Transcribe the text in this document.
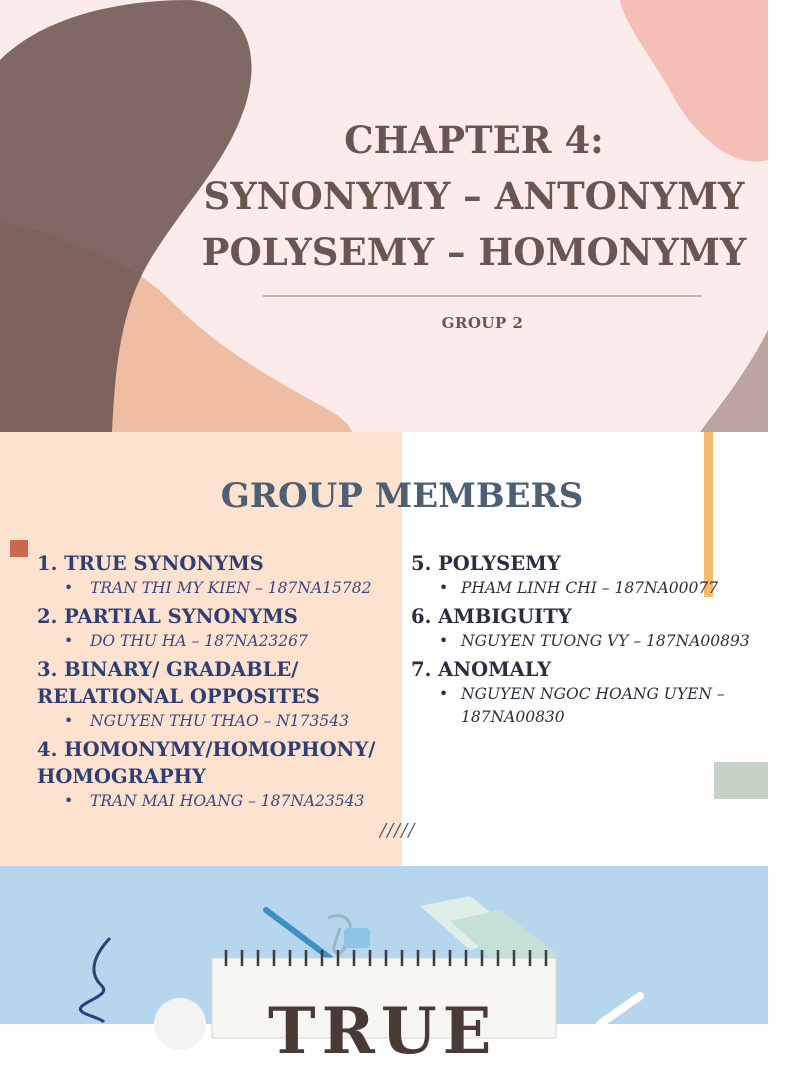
CHAPTER 4:
SYNONYMY – ANTONYMY
POLYSEMY – HOMONYMY
GROUP 2
GROUP MEMBERS
1. TRUE SYNONYMS
• TRAN THI MY KIEN – 187NA15782
2. PARTIAL SYNONYMS
• DO THU HA – 187NA23267
3. BINARY/ GRADABLE/
RELATIONAL OPPOSITES
• NGUYEN THU THAO – N173543
4. HOMONYMY/HOMOPHONY/
HOMOGRAPHY
• TRAN MAI HOANG – 187NA23543
5. POLYSEMY
• PHAM LINH CHI – 187NA00077
6. AMBIGUITY
• NGUYEN TUONG VY – 187NA00893
7. ANOMALY
• NGUYEN NGOC HOANG UYEN –
187NA00830
/////
TRUE
